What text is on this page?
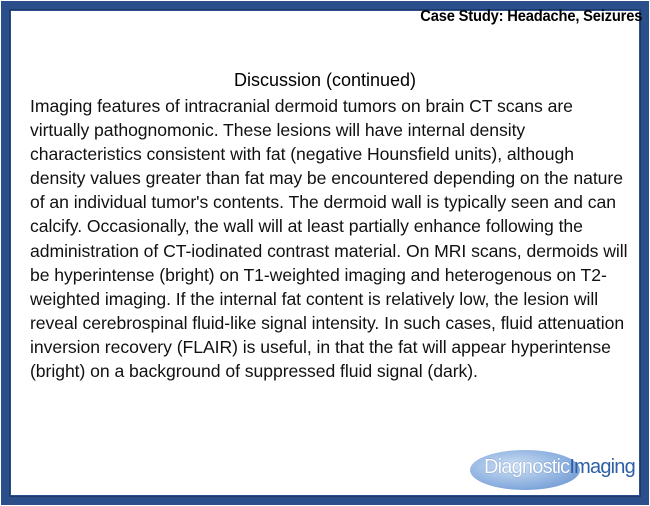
Case Study: Headache, Seizures
Discussion (continued)

Imaging features of intracranial dermoid tumors on brain CT scans are virtually pathognomonic. These lesions will have internal density characteristics consistent with fat (negative Hounsfield units), although density values greater than fat may be encountered depending on the nature of an individual tumor's contents. The dermoid wall is typically seen and can calcify. Occasionally, the wall will at least partially enhance following the administration of CT-iodinated contrast material. On MRI scans, dermoids will be hyperintense (bright) on T1-weighted imaging and heterogenous on T2-weighted imaging. If the internal fat content is relatively low, the lesion will reveal cerebrospinal fluid-like signal intensity. In such cases, fluid attenuation inversion recovery (FLAIR) is useful, in that the fat will appear hyperintense (bright) on a background of suppressed fluid signal (dark).

DiagnosticImaging
